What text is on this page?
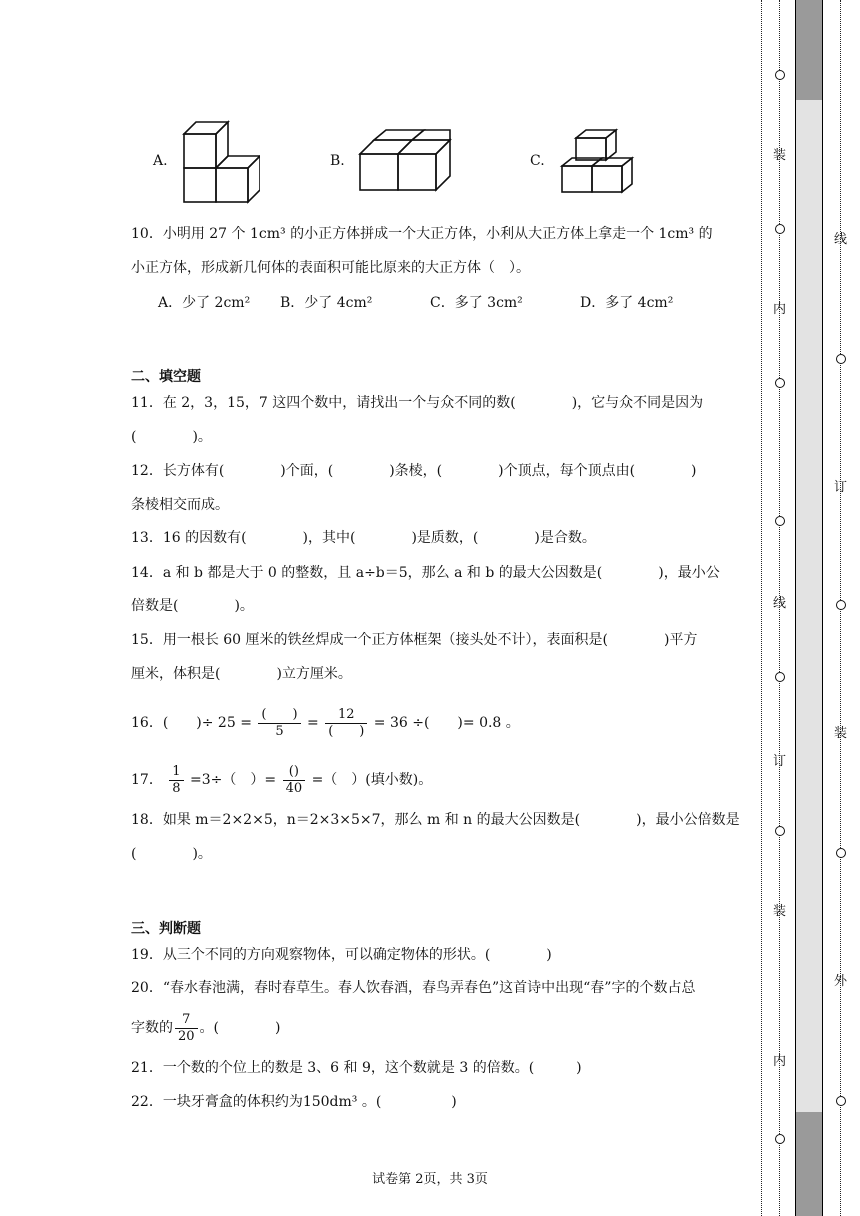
A.	B.	C.
10．小明用 27 个 1cm³ 的小正方体拼成一个大正方体，小利从大正方体上拿走一个 1cm³ 的
小正方体，形成新几何体的表面积可能比原来的大正方体（　）。
A．少了 2cm² B．少了 4cm²	C．多了 3cm²	D．多了 4cm²
二、填空题
11．在 2，3，15，7 这四个数中，请找出一个与众不同的数(　　　　)，它与众不同是因为
(　　　　)。
12．长方体有(　　　　)个面，(　　　　)条棱，(　　　　)个顶点，每个顶点由(　　　　)
条棱相交而成。
13．16 的因数有(　　　　)，其中(　　　　)是质数，(　　　　)是合数。
14．a 和 b 都是大于 0 的整数，且 a÷b＝5，那么 a 和 b 的最大公因数是(　　　　)，最小公
倍数是(　　　　)。
15．用一根长 60 厘米的铁丝焊成一个正方体框架（接头处不计），表面积是(　　　　)平方
厘米，体积是(　　　　)立方厘米。
16．(　　)÷ $25 = \frac{( )}{5} = \frac{12}{( )} = 36$ ÷(　　)= 0.8 。
17． $\frac{1}{8} =3\div$（　）= $\frac{()}{40}$ =（　）(填小数)。
18．如果 m＝2×2×5，n＝2×3×5×7，那么 m 和 n 的最大公因数是(　　　　)，最小公倍数是
(　　　　)。
三、判断题
19．从三个不同的方向观察物体，可以确定物体的形状。(　　　　)
20．“春水春池满，春时春草生。春人饮春酒，春鸟弄春色”这首诗中出现“春”字的个数占总
字数的 $\frac{7}{20}$ 。(　　　　)
21．一个数的个位上的数是 3、6 和 9，这个数就是 3 的倍数。(　　　)
22．一块牙膏盒的体积约为150dm³ 。(　　　　　)
试卷第 2页，共 3页
装
内
线
订
装
内
线
订
装
外
